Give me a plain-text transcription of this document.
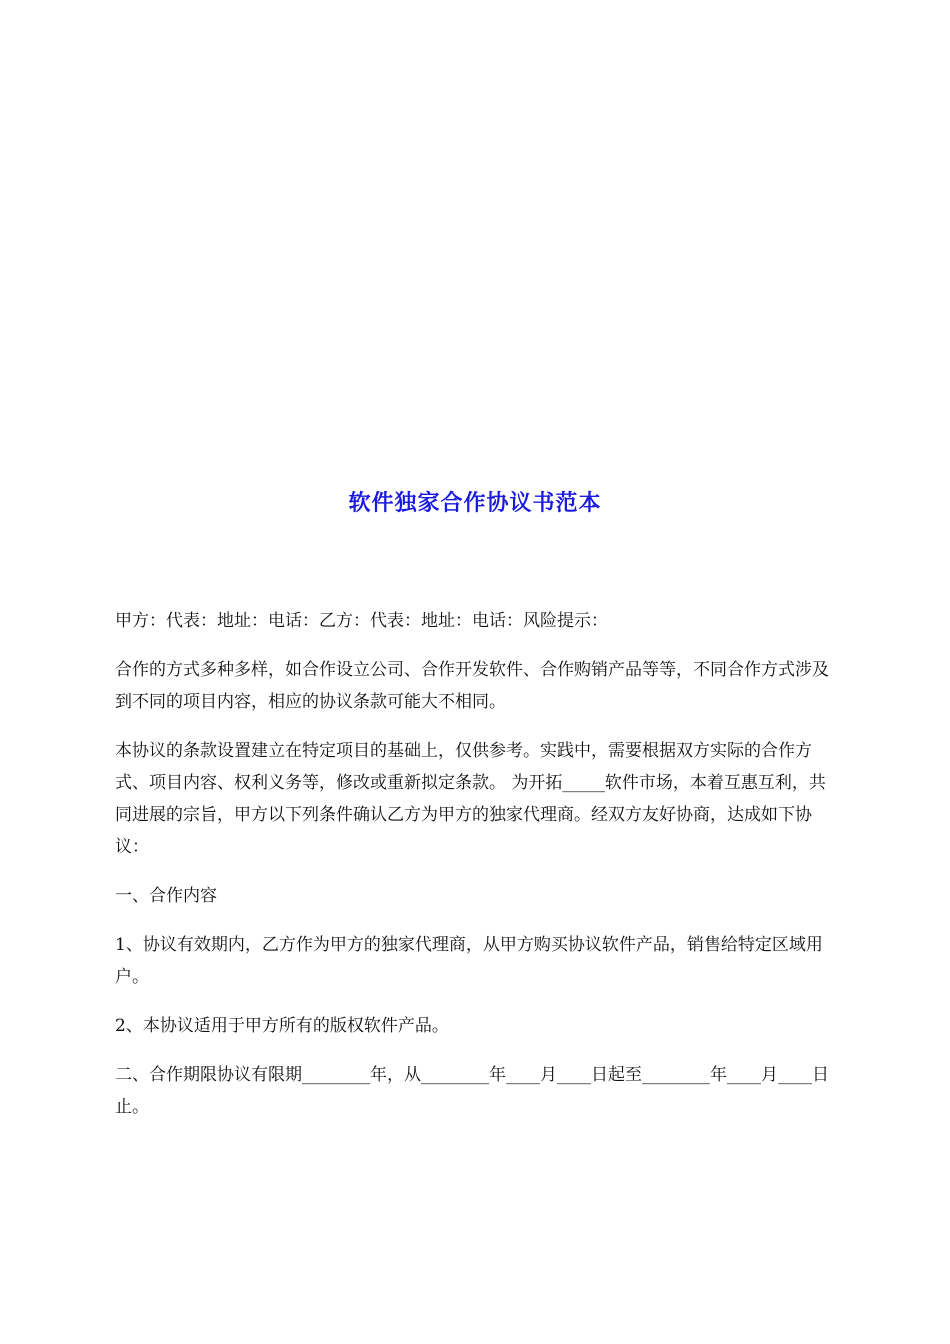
软件独家合作协议书范本

甲方：代表：地址：电话：乙方：代表：地址：电话：风险提示：

合作的方式多种多样，如合作设立公司、合作开发软件、合作购销产品等等，不同合作方式涉及到不同的项目内容，相应的协议条款可能大不相同。

本协议的条款设置建立在特定项目的基础上，仅供参考。实践中，需要根据双方实际的合作方式、项目内容、权利义务等，修改或重新拟定条款。 为开拓_____软件市场，本着互惠互利，共同进展的宗旨，甲方以下列条件确认乙方为甲方的独家代理商。经双方友好协商，达成如下协议：

一、合作内容

1、协议有效期内，乙方作为甲方的独家代理商，从甲方购买协议软件产品，销售给特定区域用户。

2、本协议适用于甲方所有的版权软件产品。

二、合作期限协议有限期________年，从________年____月____日起至________年____月____日止。
